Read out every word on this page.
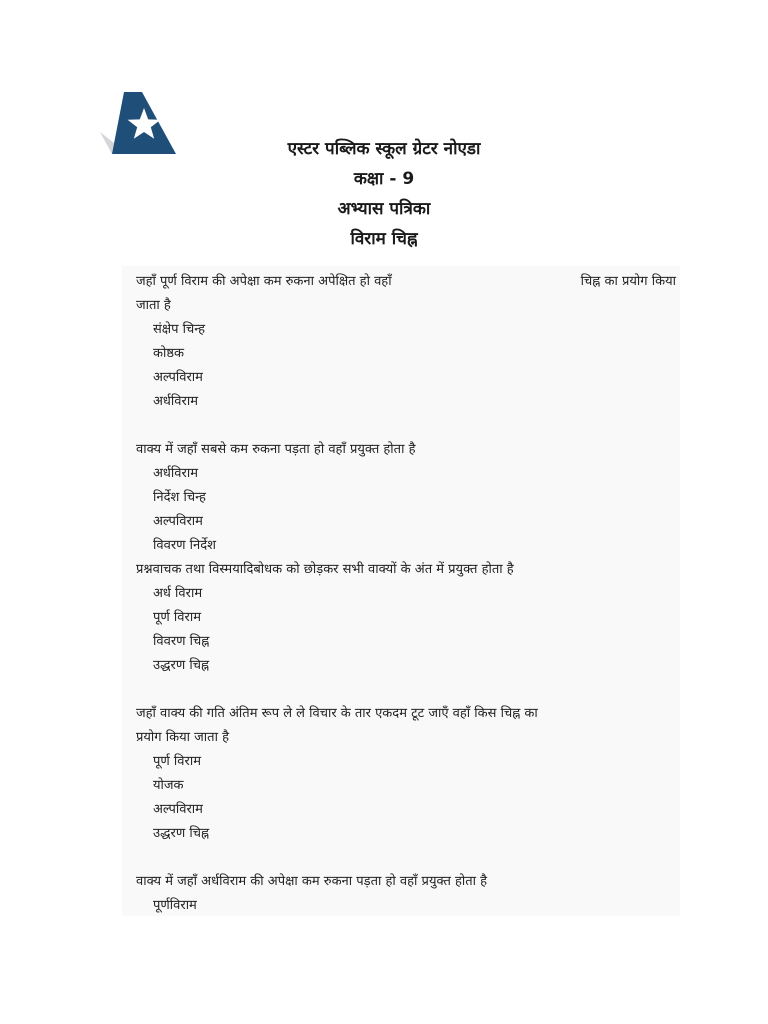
एस्टर पब्लिक स्कूल ग्रेटर नोएडा
कक्षा - 9
अभ्यास पत्रिका
विराम चिह्न
जहाँ पूर्ण विराम की अपेक्षा कम रुकना अपेक्षित हो वहाँ	चिह्न का प्रयोग किया
जाता है
संक्षेप चिन्ह
कोष्ठक
अल्पविराम
अर्धविराम
वाक्य में जहाँ सबसे कम रुकना पड़ता हो वहाँ प्रयुक्त होता है
अर्धविराम
निर्देश चिन्ह
अल्पविराम
विवरण निर्देश
प्रश्नवाचक तथा विस्मयादिबोधक को छोड़कर सभी वाक्यों के अंत में प्रयुक्त होता है
अर्ध विराम
पूर्ण विराम
विवरण चिह्न
उद्धरण चिह्न
जहाँ वाक्य की गति अंतिम रूप ले ले विचार के तार एकदम टूट जाएँ वहाँ किस चिह्न का
प्रयोग किया जाता है
पूर्ण विराम
योजक
अल्पविराम
उद्धरण चिह्न
वाक्य में जहाँ अर्धविराम की अपेक्षा कम रुकना पड़ता हो वहाँ प्रयुक्त होता है
पूर्णविराम
